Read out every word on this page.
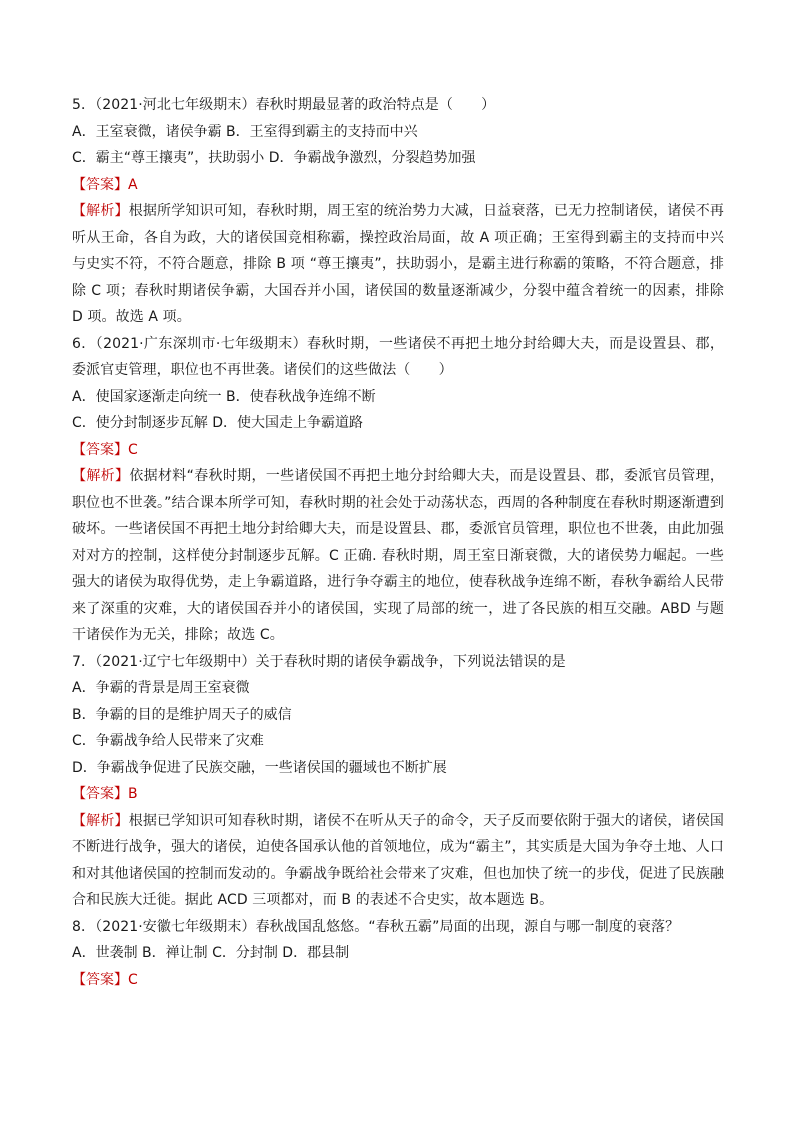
5．（2021·河北七年级期末）春秋时期最显著的政治特点是（　　）

A．王室衰微，诸侯争霸 B．王室得到霸主的支持而中兴

C．霸主“尊王攘夷”，扶助弱小 D．争霸战争激烈，分裂趋势加强

【答案】A

【解析】根据所学知识可知，春秋时期，周王室的统治势力大减，日益衰落，已无力控制诸侯，诸侯不再听从王命，各自为政，大的诸侯国竞相称霸，操控政治局面，故 A 项正确；王室得到霸主的支持而中兴与史实不符，不符合题意，排除 B 项 “尊王攘夷”，扶助弱小，是霸主进行称霸的策略，不符合题意，排除 C 项；春秋时期诸侯争霸，大国吞并小国，诸侯国的数量逐渐减少，分裂中蕴含着统一的因素，排除 D 项。故选 A 项。

6．（2021·广东深圳市·七年级期末）春秋时期，一些诸侯不再把土地分封给卿大夫，而是设置县、郡，委派官吏管理，职位也不再世袭。诸侯们的这些做法（　　）

A．使国家逐渐走向统一 B．使春秋战争连绵不断

C．使分封制逐步瓦解 D．使大国走上争霸道路

【答案】C

【解析】依据材料“春秋时期，一些诸侯国不再把土地分封给卿大夫，而是设置县、郡，委派官员管理，职位也不世袭。”结合课本所学可知，春秋时期的社会处于动荡状态，西周的各种制度在春秋时期逐渐遭到破坏。一些诸侯国不再把土地分封给卿大夫，而是设置县、郡，委派官员管理，职位也不世袭，由此加强对对方的控制，这样使分封制逐步瓦解。C 正确. 春秋时期，周王室日渐衰微，大的诸侯势力崛起。一些强大的诸侯为取得优势，走上争霸道路，进行争夺霸主的地位，使春秋战争连绵不断，春秋争霸给人民带来了深重的灾难，大的诸侯国吞并小的诸侯国，实现了局部的统一，进了各民族的相互交融。ABD 与题干诸侯作为无关，排除；故选 C。

7．（2021·辽宁七年级期中）关于春秋时期的诸侯争霸战争，下列说法错误的是

A．争霸的背景是周王室衰微

B．争霸的目的是维护周天子的威信

C．争霸战争给人民带来了灾难

D．争霸战争促进了民族交融，一些诸侯国的疆域也不断扩展

【答案】B

【解析】根据已学知识可知春秋时期，诸侯不在听从天子的命令，天子反而要依附于强大的诸侯，诸侯国不断进行战争，强大的诸侯，迫使各国承认他的首领地位，成为“霸主”，其实质是大国为争夺土地、人口和对其他诸侯国的控制而发动的。争霸战争既给社会带来了灾难，但也加快了统一的步伐，促进了民族融合和民族大迁徙。据此 ACD 三项都对，而 B 的表述不合史实，故本题选 B。

8．（2021·安徽七年级期末）春秋战国乱悠悠。“春秋五霸”局面的出现，源自与哪一制度的衰落？

A．世袭制 B．禅让制 C．分封制 D．郡县制

【答案】C
